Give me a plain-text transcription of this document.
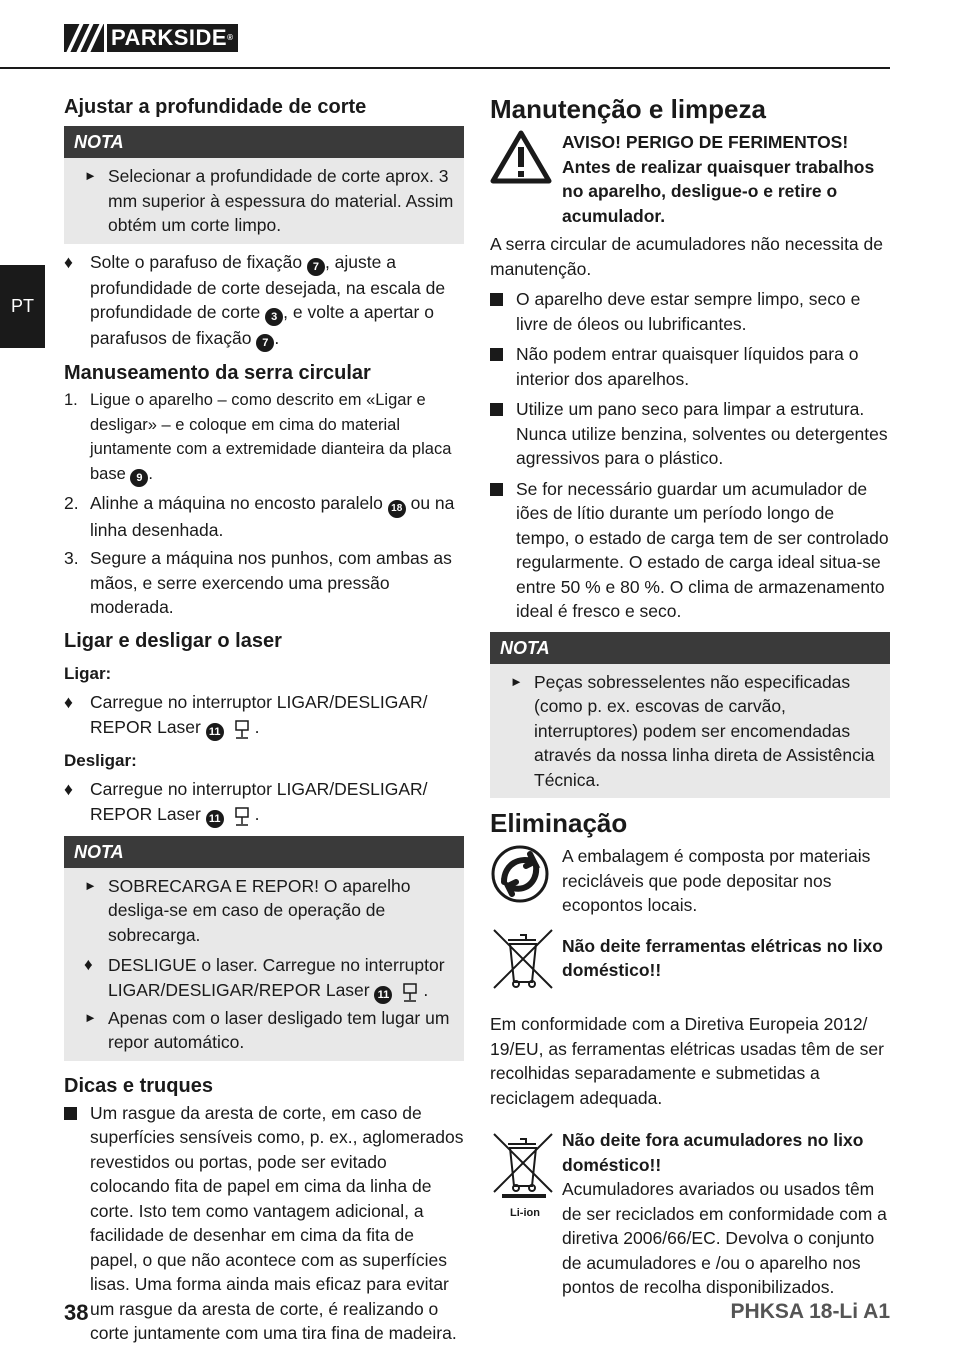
PARKSIDE®
PT
Ajustar a profundidade de corte
NOTA
► Selecionar a profundidade de corte aprox. 3 mm superior à espessura do material. Assim obtém um corte limpo.
♦ Solte o parafuso de fixação 7 , ajuste a profundidade de corte desejada, na escala de profundidade de corte 3 , e volte a apertar o parafusos de fixação 7 .
Manuseamento da serra circular
1. Ligue o aparelho – como descrito em «Ligar e desligar» – e coloque em cima do material juntamente com a extremidade dianteira da placa base 9 .
2. Alinhe a máquina no encosto paralelo 18 ou na linha desenhada.
3. Segure a máquina nos punhos, com ambas as mãos, e serre exercendo uma pressão moderada.
Ligar e desligar o laser

Ligar:

♦ Carregue no interruptor LIGAR/DESLIGAR/ REPOR Laser 11 .

Desligar:

♦ Carregue no interruptor LIGAR/DESLIGAR/ REPOR Laser 11 .
NOTA
► SOBRECARGA E REPOR! O aparelho desliga-se em caso de operação de sobrecarga.
♦ DESLIGUE o laser. Carregue no interruptor LIGAR/DESLIGAR/REPOR Laser 11 .
► Apenas com o laser desligado tem lugar um repor automático.
Dicas e truques
Um rasgue da aresta de corte, em caso de superfícies sensíveis como, p. ex., aglomerados revestidos ou portas, pode ser evitado colocando fita de papel em cima da linha de corte. Isto tem como vantagem adicional, a facilidade de desenhar em cima da fita de papel, o que não acontece com as superfícies lisas. Uma forma ainda mais eficaz para evitar um rasgue da aresta de corte, é realizando o corte juntamente com uma tira fina de madeira.
Manutenção e limpeza

AVISO! PERIGO DE FERIMENTOS! Antes de realizar quaisquer trabalhos no aparelho, desligue-o e retire o acumulador.

A serra circular de acumuladores não necessita de manutenção.

O aparelho deve estar sempre limpo, seco e livre de óleos ou lubrificantes.
Não podem entrar quaisquer líquidos para o interior dos aparelhos.
Utilize um pano seco para limpar a estrutura. Nunca utilize benzina, solventes ou detergentes agressivos para o plástico.
Se for necessário guardar um acumulador de iões de lítio durante um período longo de tempo, o estado de carga tem de ser controlado regularmente. O estado de carga ideal situa-se entre 50 % e 80 %. O clima de armazenamento ideal é fresco e seco.
NOTA
► Peças sobresselentes não especificadas (como p. ex. escovas de carvão, interruptores) podem ser encomendadas através da nossa linha direta de Assistência Técnica.
Eliminação

A embalagem é composta por materiais recicláveis que pode depositar nos ecopontos locais.

Não deite ferramentas elétricas no lixo doméstico!!

Em conformidade com a Diretiva Europeia 2012/ 19/EU, as ferramentas elétricas usadas têm de ser recolhidas separadamente e submetidas a reciclagem adequada.

Li-ion

Não deite fora acumuladores no lixo doméstico!!

Acumuladores avariados ou usados têm de ser reciclados em conformidade com a diretiva 2006/66/EC. Devolva o conjunto de acumuladores e /ou o aparelho nos pontos de recolha disponibilizados.

38	PHKSA 18-Li A1
